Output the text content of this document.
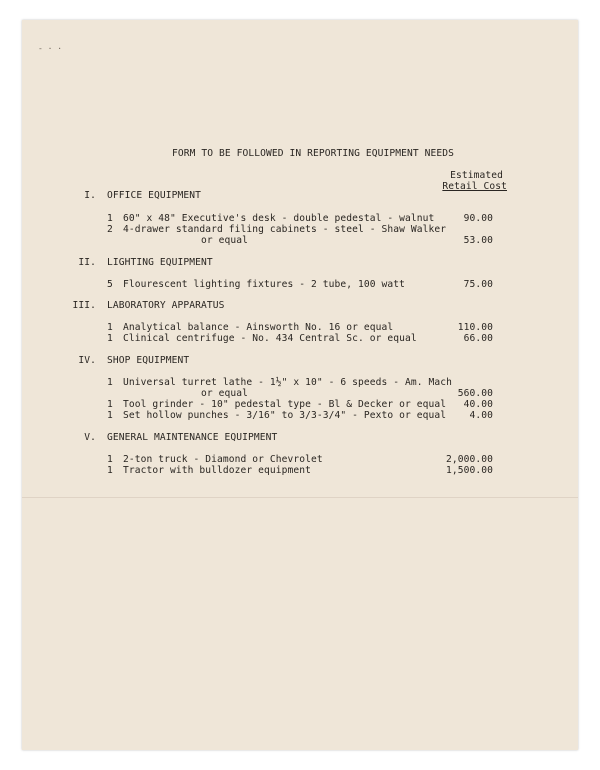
- · ·
FORM TO BE FOLLOWED IN REPORTING EQUIPMENT NEEDS
Estimated
Retail Cost
I. OFFICE EQUIPMENT
1 60" x 48" Executive's desk - double pedestal - walnut	90.00
2 4-drawer standard filing cabinets - steel - Shaw Walker
or equal	53.00
II. LIGHTING EQUIPMENT
5 Flourescent lighting fixtures - 2 tube, 100 watt	75.00
III. LABORATORY APPARATUS
1 Analytical balance - Ainsworth No. 16 or equal	110.00
1 Clinical centrifuge - No. 434 Central Sc. or equal	66.00
IV. SHOP EQUIPMENT
1 Universal turret lathe - 1½" x 10" - 6 speeds - Am. Mach
or equal	560.00
1 Tool grinder - 10" pedestal type - Bl & Decker or equal	40.00
1 Set hollow punches - 3/16" to 3/3-3/4" - Pexto or equal	4.00
V. GENERAL MAINTENANCE EQUIPMENT
1 2-ton truck - Diamond or Chevrolet	2,000.00
1 Tractor with bulldozer equipment	1,500.00
